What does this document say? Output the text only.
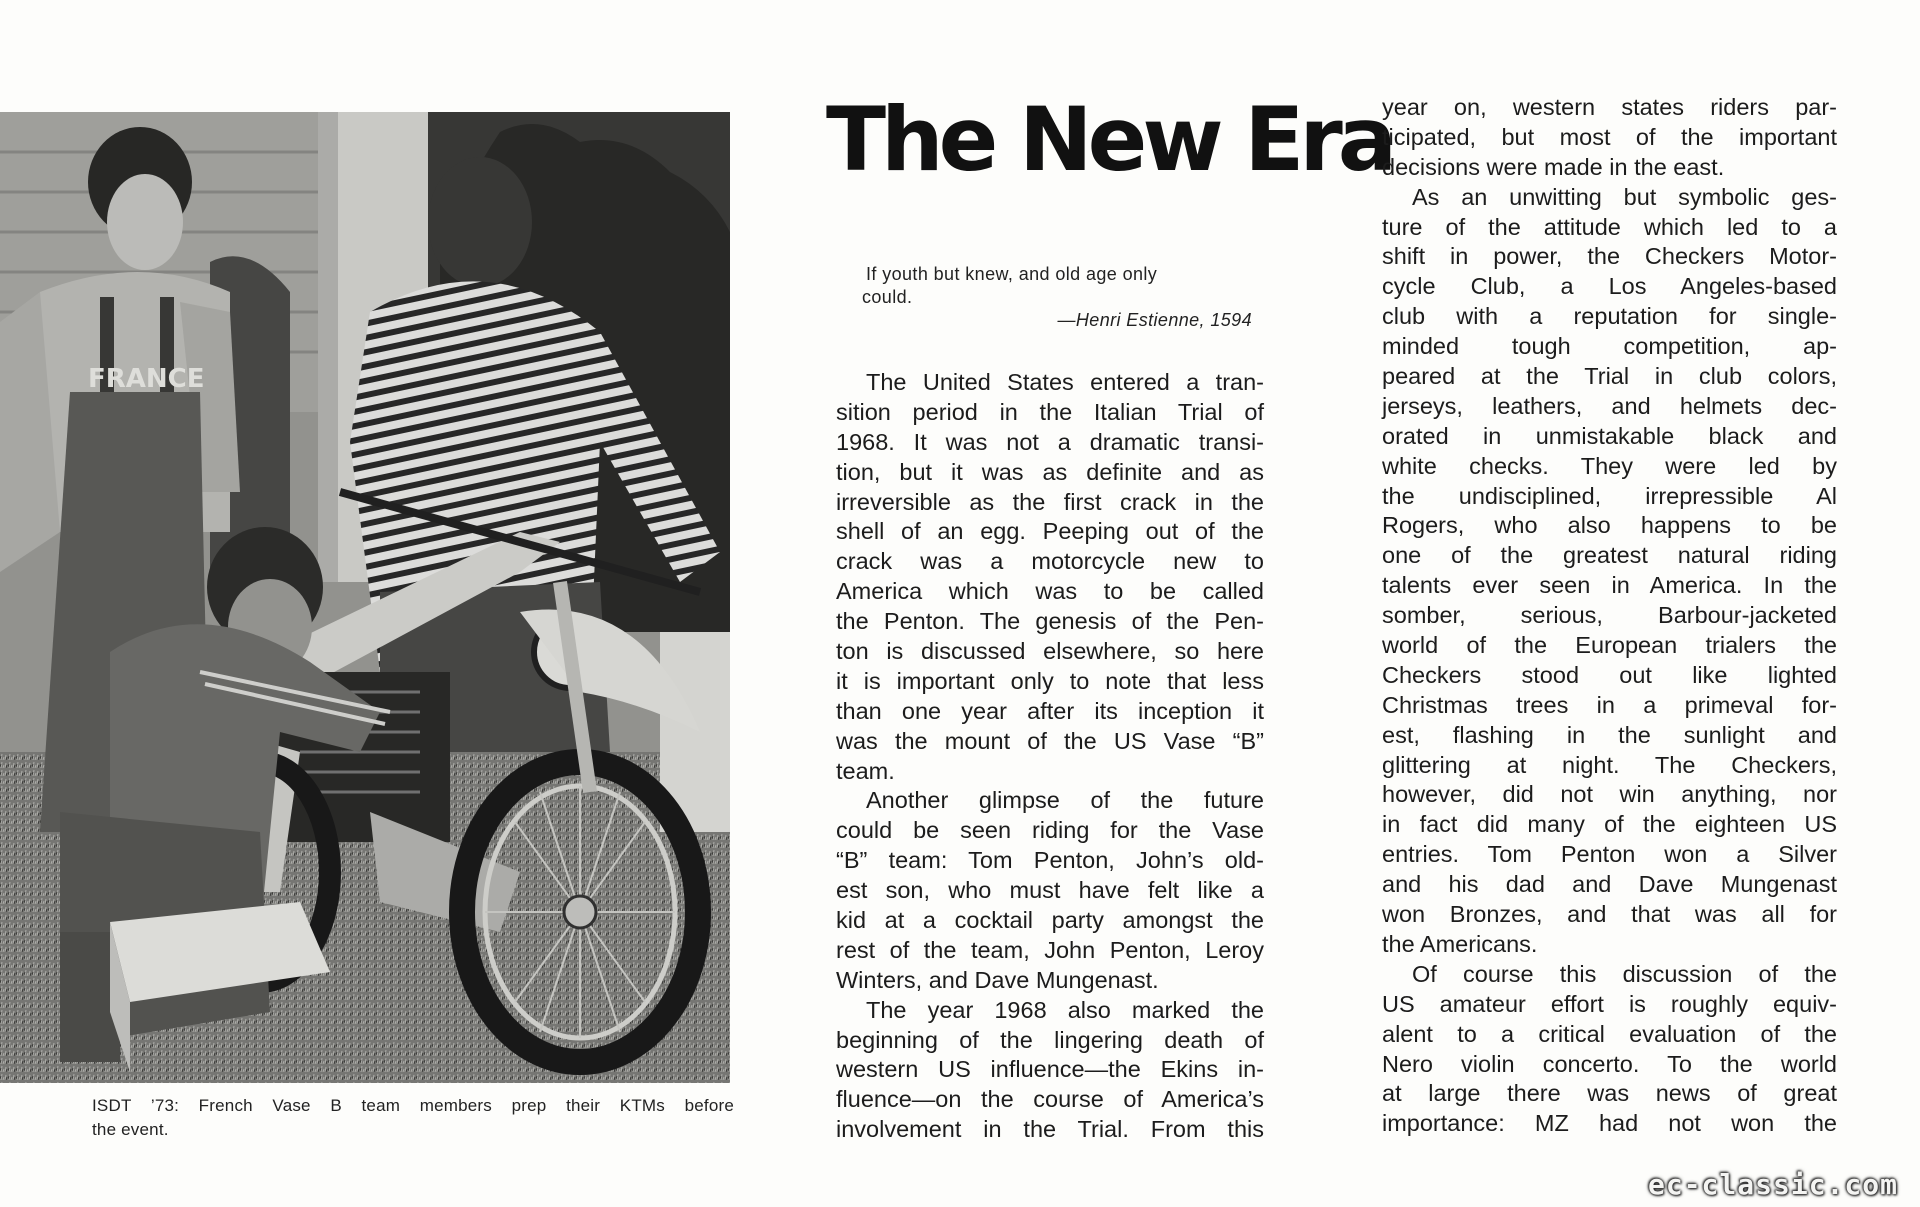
FRANCE
ISDT ’73: French Vase B team members prep their KTMs before
the event.
The New Era
If youth but knew, and old age only
could.
—Henri Estienne, 1594
The United States entered a tran-
sition period in the Italian Trial of
1968. It was not a dramatic transi-
tion, but it was as definite and as
irreversible as the first crack in the
shell of an egg. Peeping out of the
crack was a motorcycle new to
America which was to be called
the Penton. The genesis of the Pen-
ton is discussed elsewhere, so here
it is important only to note that less
than one year after its inception it
was the mount of the US Vase “B”
team.
Another glimpse of the future
could be seen riding for the Vase
“B” team: Tom Penton, John’s old-
est son, who must have felt like a
kid at a cocktail party amongst the
rest of the team, John Penton, Leroy
Winters, and Dave Mungenast.
The year 1968 also marked the
beginning of the lingering death of
western US influence—the Ekins in-
fluence—on the course of America’s
involvement in the Trial. From this
year on, western states riders par-
ticipated, but most of the important
decisions were made in the east.
As an unwitting but symbolic ges-
ture of the attitude which led to a
shift in power, the Checkers Motor-
cycle Club, a Los Angeles-based
club with a reputation for single-
minded tough competition, ap-
peared at the Trial in club colors,
jerseys, leathers, and helmets dec-
orated in unmistakable black and
white checks. They were led by
the undisciplined, irrepressible Al
Rogers, who also happens to be
one of the greatest natural riding
talents ever seen in America. In the
somber, serious, Barbour-jacketed
world of the European trialers the
Checkers stood out like lighted
Christmas trees in a primeval for-
est, flashing in the sunlight and
glittering at night. The Checkers,
however, did not win anything, nor
in fact did many of the eighteen US
entries. Tom Penton won a Silver
and his dad and Dave Mungenast
won Bronzes, and that was all for
the Americans.
Of course this discussion of the
US amateur effort is roughly equiv-
alent to a critical evaluation of the
Nero violin concerto. To the world
at large there was news of great
importance: MZ had not won the
ec-classic.com
